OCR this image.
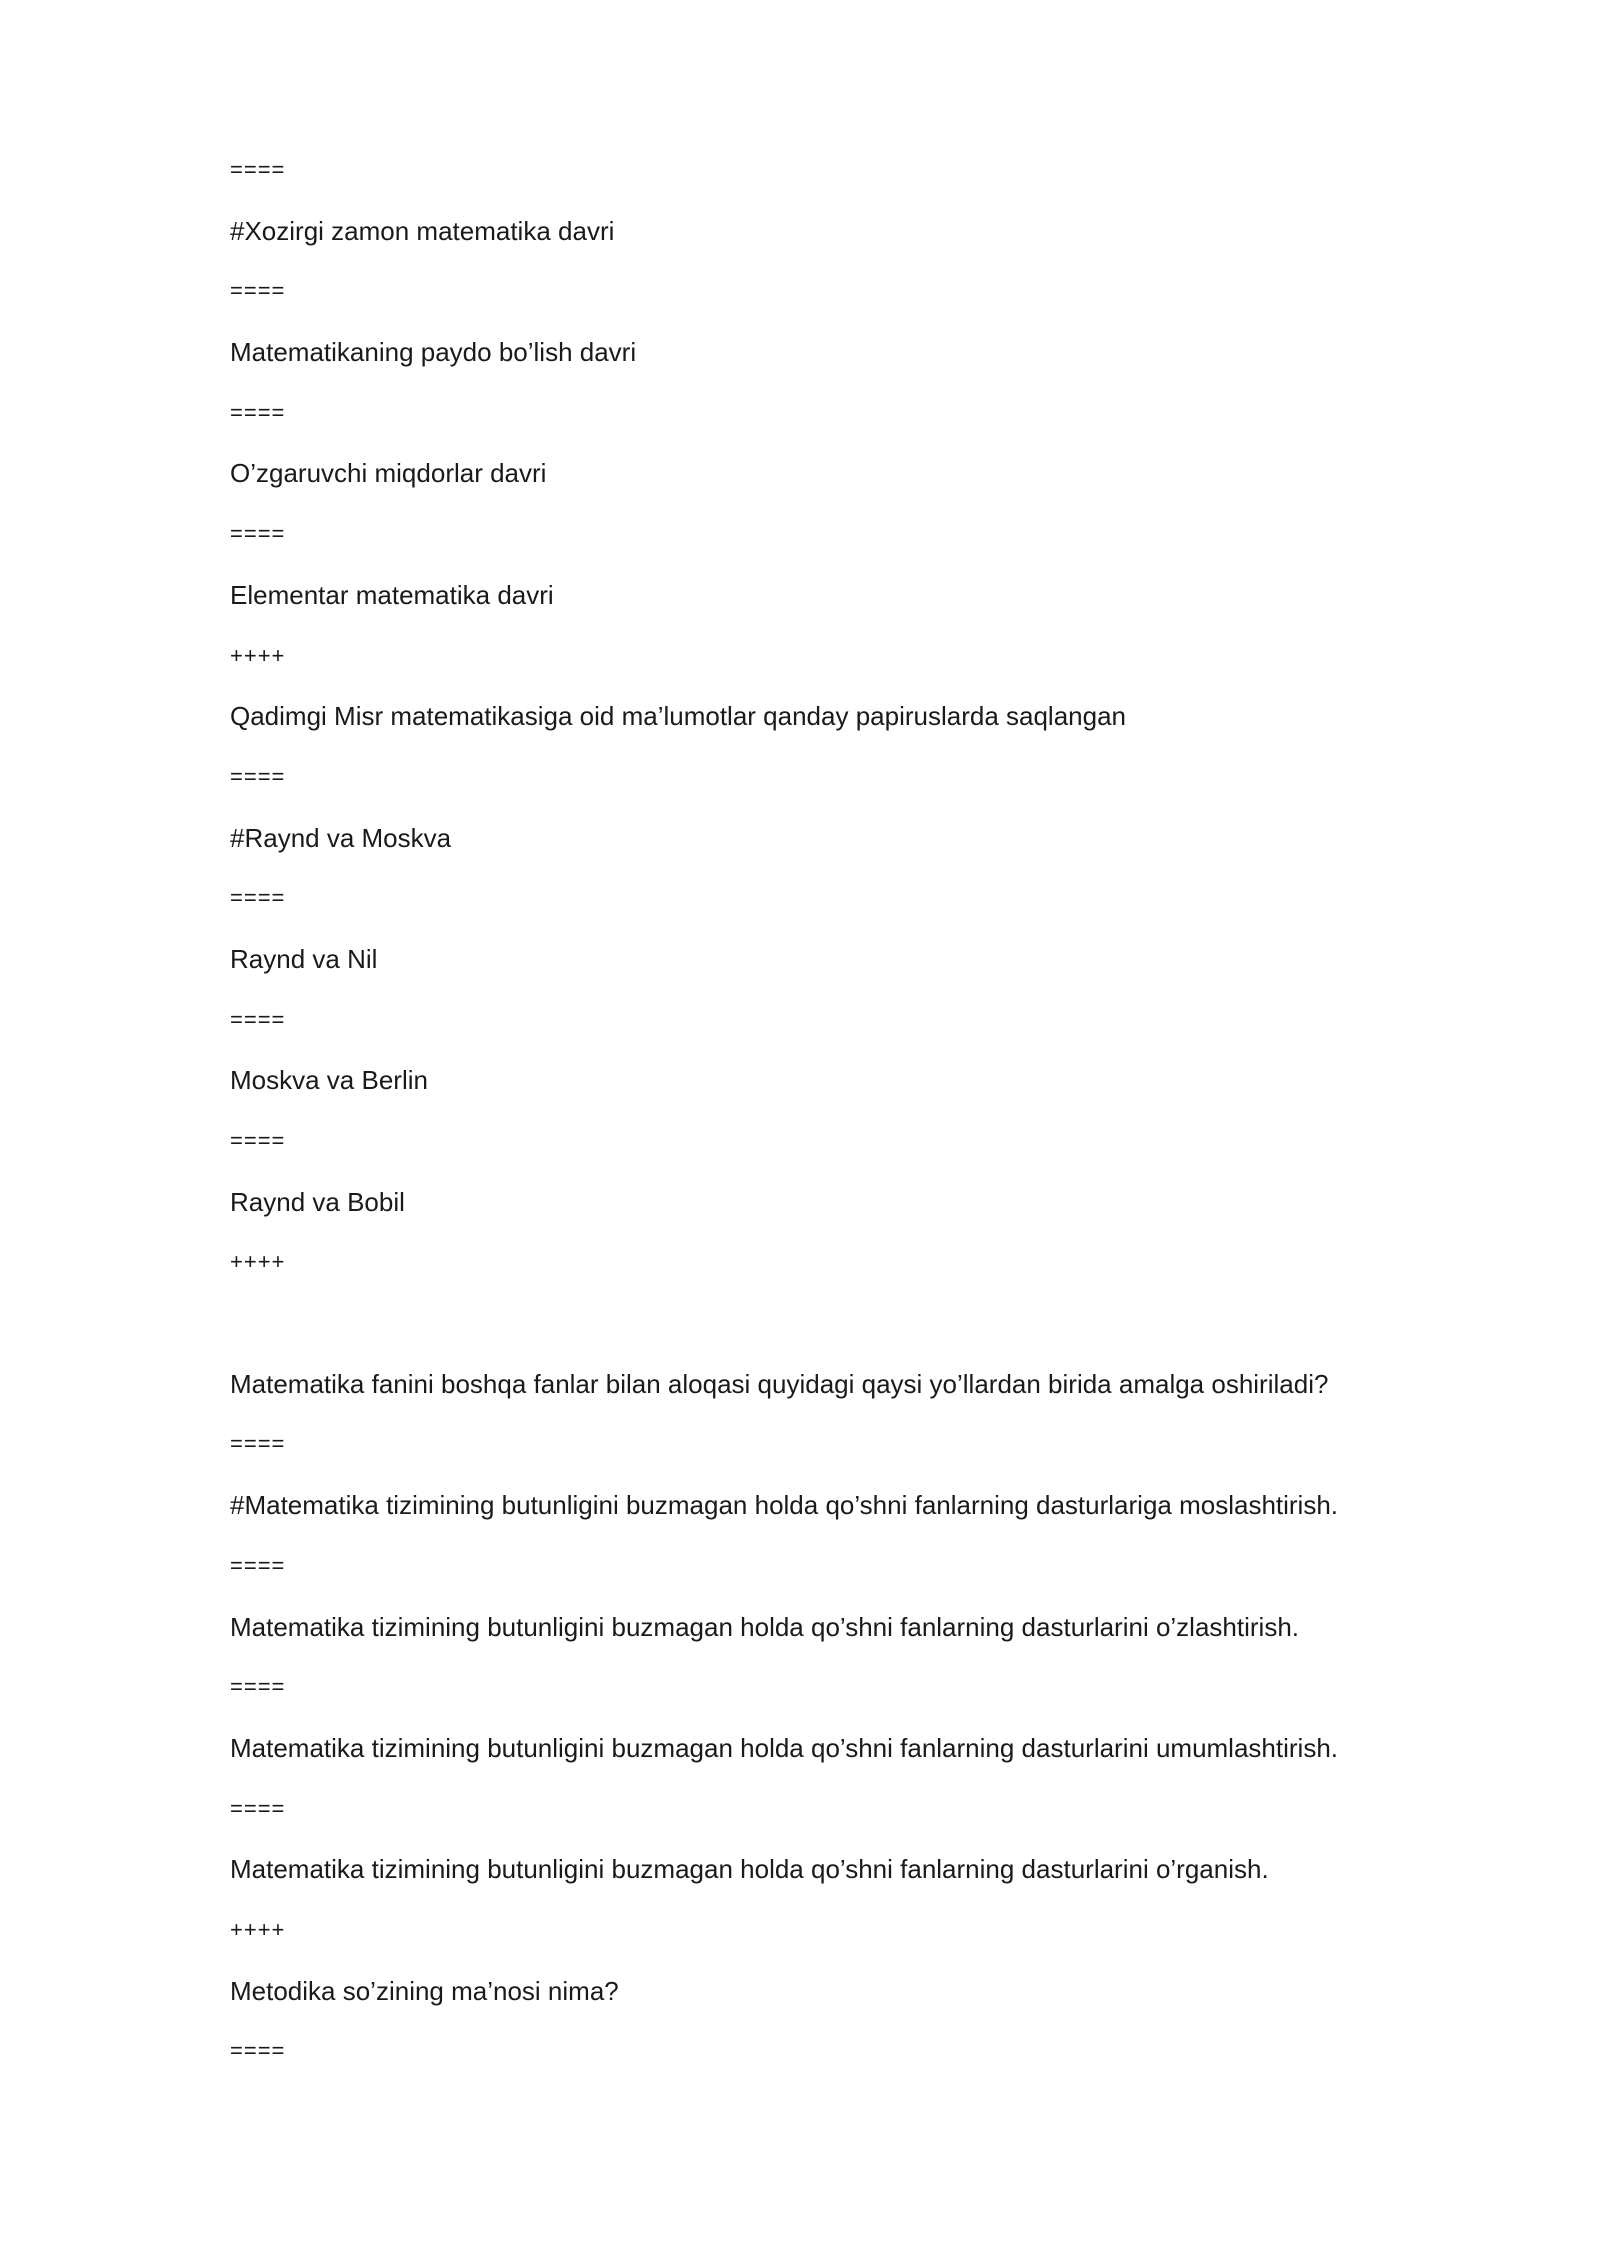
====
#Xozirgi zamon matematika davri
====
Matematikaning paydo bo’lish davri
====
O’zgaruvchi miqdorlar davri
====
Elementar matematika davri
++++
Qadimgi Misr matematikasiga oid ma’lumotlar qanday papiruslarda saqlangan
====
#Raynd va Moskva
====
Raynd va Nil
====
Moskva va Berlin
====
Raynd va Bobil
++++
Matematika fanini boshqa fanlar bilan aloqasi quyidagi qaysi yo’llardan birida amalga oshiriladi?
====
#Matematika tizimining butunligini buzmagan holda qo’shni fanlarning dasturlariga moslashtirish.
====
Matematika tizimining butunligini buzmagan holda qo’shni fanlarning dasturlarini o’zlashtirish.
====
Matematika tizimining butunligini buzmagan holda qo’shni fanlarning dasturlarini umumlashtirish.
====
Matematika tizimining butunligini buzmagan holda qo’shni fanlarning dasturlarini o’rganish.
++++
Metodika so’zining ma’nosi nima?
====
